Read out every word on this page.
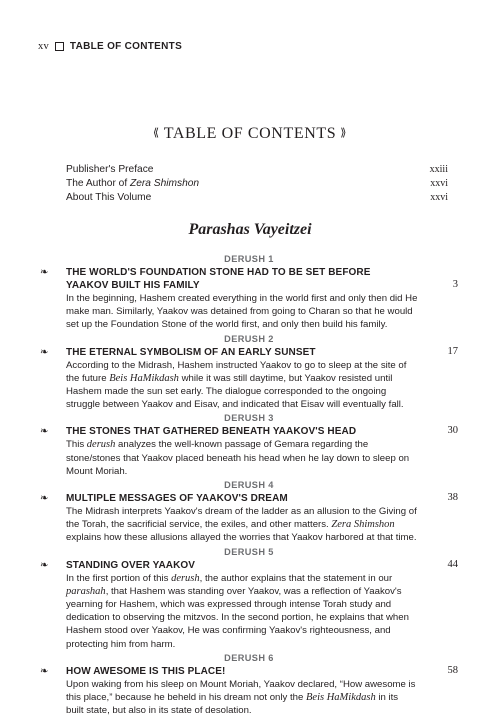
xv TABLE OF CONTENTS
⟪ TABLE OF CONTENTS ⟫
Publisher's Preface	xxiii
The Author of Zera Shimshon	xxvi
About This Volume	xxvi
Parashas Vayeitzei
DERUSH 1
❧ THE WORLD'S FOUNDATION STONE HAD TO BE SET BEFORE
YAAKOV BUILT HIS FAMILY	3
In the beginning, Hashem created everything in the world first and only then did He make man. Similarly, Yaakov was detained from going to Charan so that he would set up the Foundation Stone of the world first, and only then build his family.
DERUSH 2
❧ THE ETERNAL SYMBOLISM OF AN EARLY SUNSET	17
According to the Midrash, Hashem instructed Yaakov to go to sleep at the site of the future Beis HaMikdash while it was still daytime, but Yaakov resisted until Hashem made the sun set early. The dialogue corresponded to the ongoing struggle between Yaakov and Eisav, and indicated that Eisav will eventually fall.
DERUSH 3
❧ THE STONES THAT GATHERED BENEATH YAAKOV'S HEAD	30
This derush analyzes the well-known passage of Gemara regarding the stone/stones that Yaakov placed beneath his head when he lay down to sleep on Mount Moriah.
DERUSH 4
❧ MULTIPLE MESSAGES OF YAAKOV'S DREAM	38
The Midrash interprets Yaakov's dream of the ladder as an allusion to the Giving of the Torah, the sacrificial service, the exiles, and other matters. Zera Shimshon explains how these allusions allayed the worries that Yaakov harbored at that time.
DERUSH 5
❧ STANDING OVER YAAKOV	44
In the first portion of this derush, the author explains that the statement in our parashah, that Hashem was standing over Yaakov, was a reflection of Yaakov's yearning for Hashem, which was expressed through intense Torah study and dedication to observing the mitzvos. In the second portion, he explains that when Hashem stood over Yaakov, He was confirming Yaakov's righteousness, and protecting him from harm.
DERUSH 6
❧ HOW AWESOME IS THIS PLACE!	58
Upon waking from his sleep on Mount Moriah, Yaakov declared, “How awesome is this place,” because he beheld in his dream not only the Beis HaMikdash in its built state, but also in its state of desolation.
